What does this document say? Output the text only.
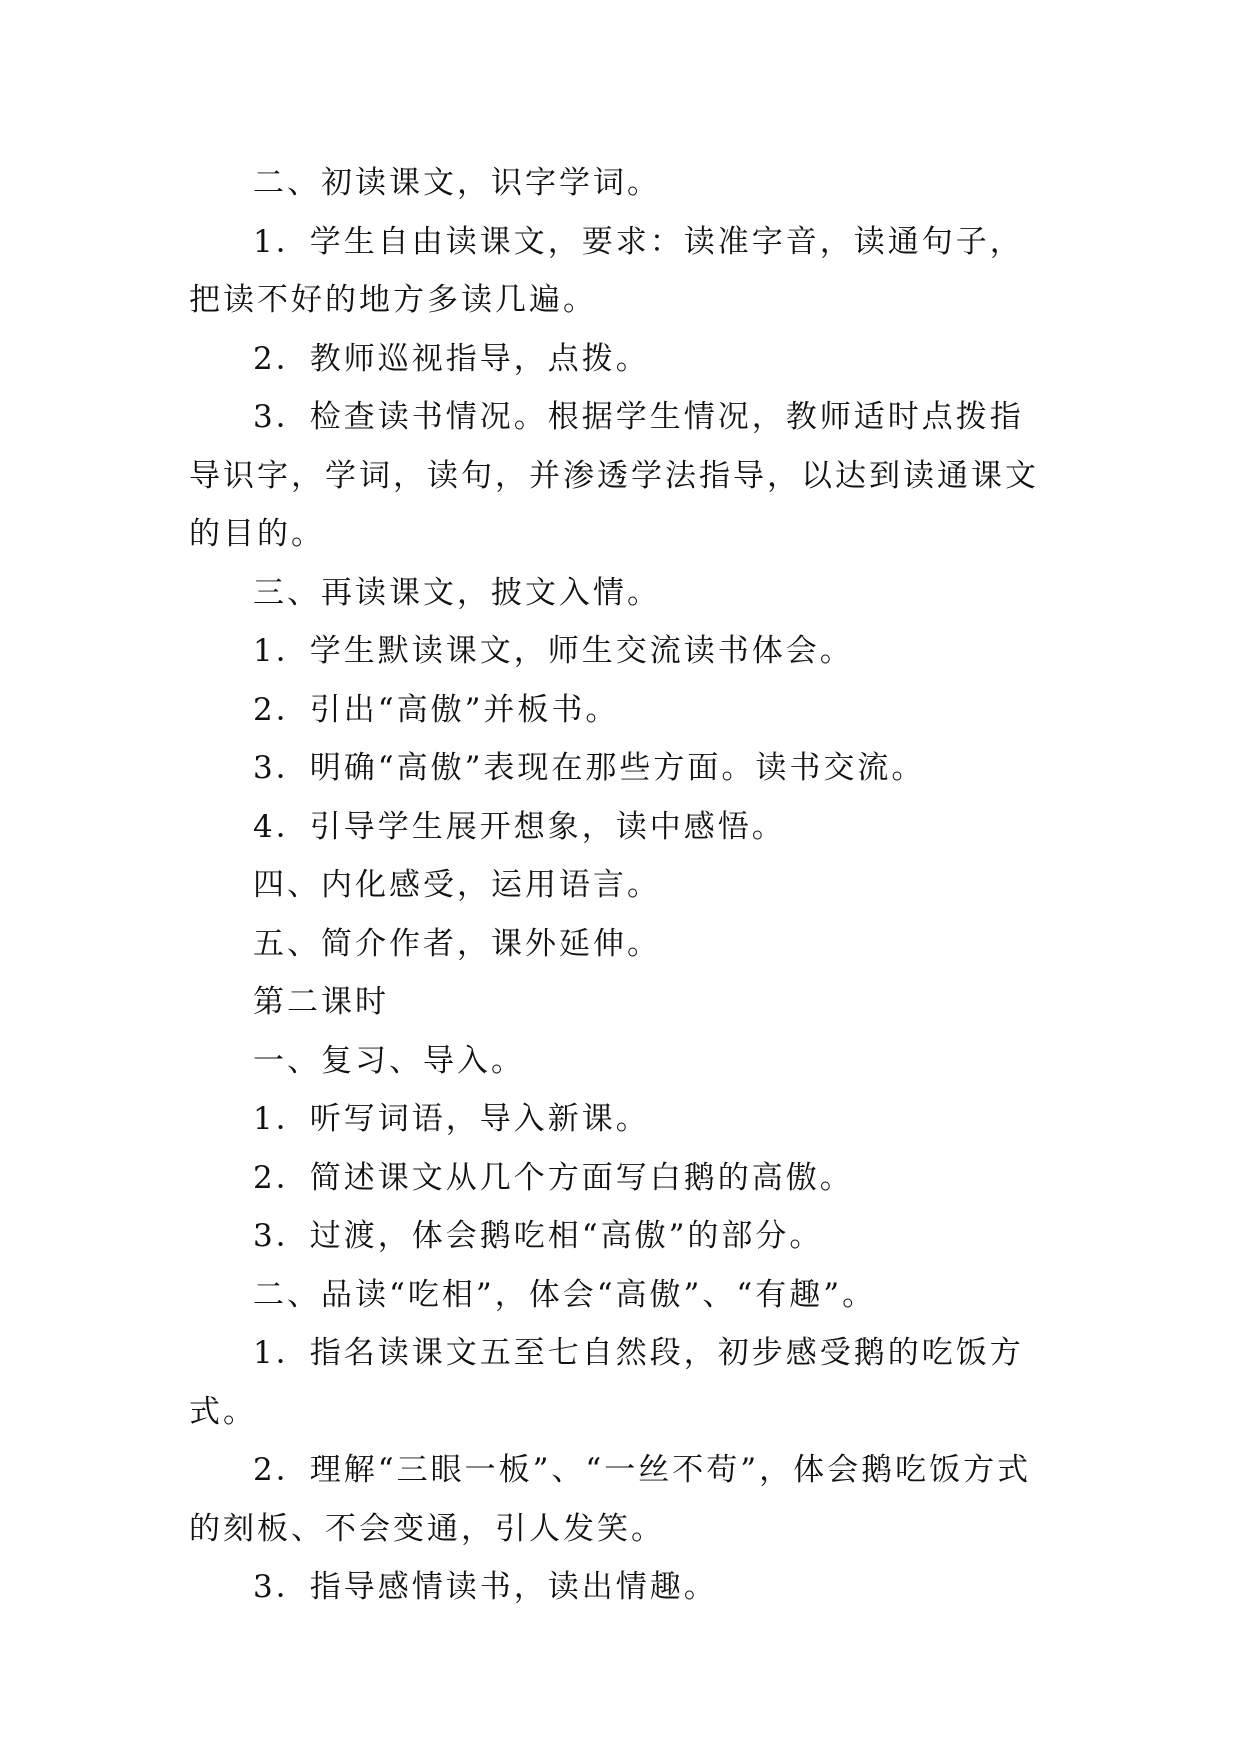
二、初读课文，识字学词。

1．学生自由读课文，要求：读准字音，读通句子，把读不好的地方多读几遍。

2．教师巡视指导，点拨。

3．检查读书情况。根据学生情况，教师适时点拨指导识字，学词，读句，并渗透学法指导，以达到读通课文的目的。

三、再读课文，披文入情。

1．学生默读课文，师生交流读书体会。

2．引出“高傲”并板书。

3．明确“高傲”表现在那些方面。读书交流。

4．引导学生展开想象，读中感悟。

四、内化感受，运用语言。

五、简介作者，课外延伸。

第二课时

一、复习、导入。

1．听写词语，导入新课。

2．简述课文从几个方面写白鹅的高傲。

3．过渡，体会鹅吃相“高傲”的部分。

二、品读“吃相”，体会“高傲”、“有趣”。

1．指名读课文五至七自然段，初步感受鹅的吃饭方式。

2．理解“三眼一板”、“一丝不苟”，体会鹅吃饭方式的刻板、不会变通，引人发笑。

3．指导感情读书，读出情趣。
